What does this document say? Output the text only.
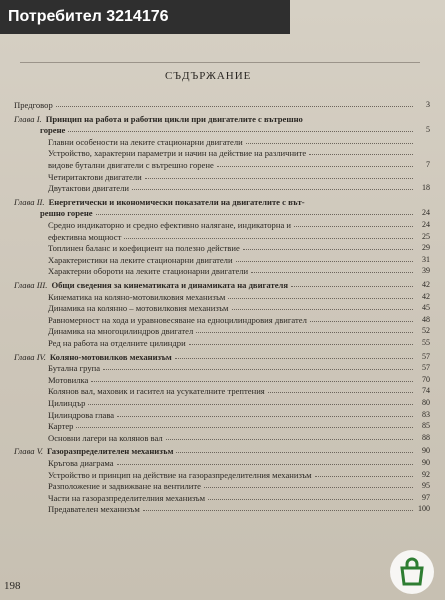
Потребител 3214176
СЪДЪРЖАНИЕ
Предговор	3
Глава I. Принцип на работа и работни цикли при двигателите с вътрешно
горене	5
Главни особености на леките стационарни двигатели
Устройство, характерни параметри и начин на действие на различните
видове бутални двигатели с вътрешно горене	7
Четиритактови двигатели
Двутактови двигатели	18
Глава II. Енергетически и икономически показатели на двигателите с вът-
решно горене	24
Средно индикаторно и средно ефективно налягане, индикаторна и	24
ефективна мощност	25
Топлинен баланс и коефициент на полезно действие	29
Характеристики на леките стационарни двигатели	31
Характерни обороти на леките стационарни двигатели	39
Глава III. Общи сведения за кинематиката и динамиката на двигателя	42
Кинематика на коляно-мотовилковия механизъм	42
Динамика на колянно – мотовилковия механизъм	45
Равномерност на хода и уравновесяване на едноцилиндровия двигател	48
Динамика на многоцилиндров двигател	52
Ред на работа на отделните цилиндри	55
Глава IV. Коляно-мотовилков механизъм	57
Бутална група	57
Мотовилка	70
Колянов вал, маховик и гасител на усукателните трептения	74
Цилиндър	80
Цилиндрова глава	83
Картер	85
Основни лагери на колянов вал	88
Глава V. Газоразпределителен механизъм	90
Кръгова диаграма	90
Устройство и принцип на действие на газоразпределителния механизъм	92
Разположение и задвижване на вентилите	95
Части на газоразпределителния механизъм	97
Предавателен механизъм	100
198
